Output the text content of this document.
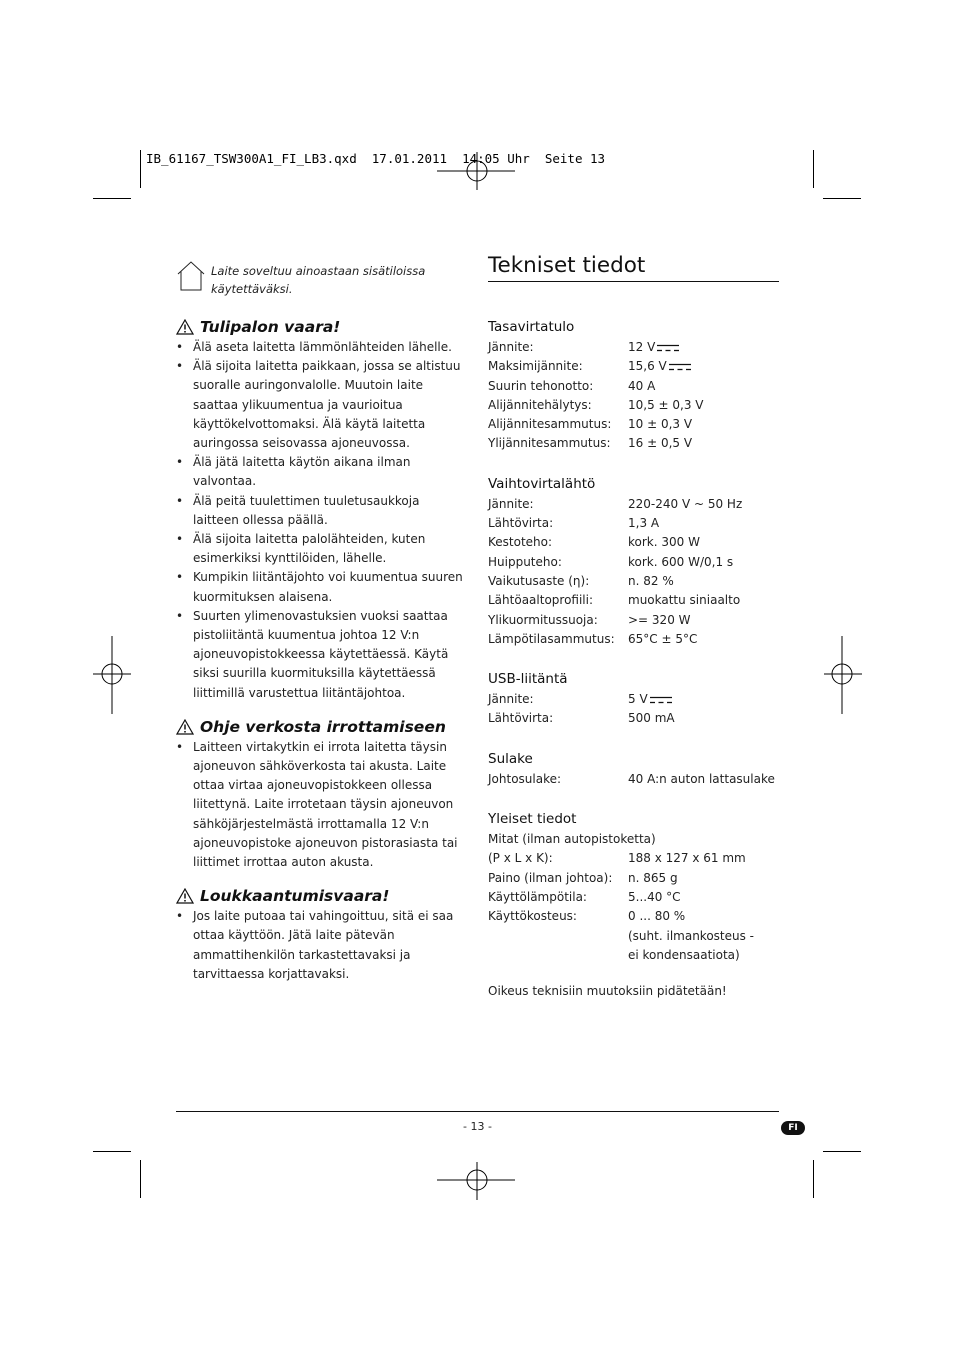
IB_61167_TSW300A1_FI_LB3.qxd  17.01.2011  14:05 Uhr  Seite 13
Laite soveltuu ainoastaan sisätiloissa käytettäväksi.
Tulipalon vaara!
• Älä aseta laitetta lämmönlähteiden lähelle.
• Älä sijoita laitetta paikkaan, jossa se altistuu suoralle auringonvalolle. Muutoin laite saattaa ylikuumentua ja vaurioitua käyttökelvottomaksi. Älä käytä laitetta auringossa seisovassa ajoneuvossa.
• Älä jätä laitetta käytön aikana ilman valvontaa.
• Älä peitä tuulettimen tuuletusaukkoja laitteen ollessa päällä.
• Älä sijoita laitetta palolähteiden, kuten esimerkiksi kynttilöiden, lähelle.
• Kumpikin liitäntäjohto voi kuumentua suuren kuormituksen alaisena.
• Suurten ylimenovastuksien vuoksi saattaa pistoliitäntä kuumentua johtoa 12 V:n ajoneuvopistokkeessa käytettäessä. Käytä siksi suurilla kuormituksilla käytettäessä liittimillä varustettua liitäntäjohtoa.
Ohje verkosta irrottamiseen
• Laitteen virtakytkin ei irrota laitetta täysin ajoneuvon sähköverkosta tai akusta. Laite ottaa virtaa ajoneuvopistokkeen ollessa liitettynä. Laite irrotetaan täysin ajoneuvon sähköjärjestelmästä irrottamalla 12 V:n ajoneuvopistoke ajoneuvon pistorasiasta tai liittimet irrottaa auton akusta.
Loukkaantumisvaara!
• Jos laite putoaa tai vahingoittuu, sitä ei saa ottaa käyttöön. Jätä laite pätevän ammattihenkilön tarkastettavaksi ja tarvittaessa korjattavaksi.
Tekniset tiedot
Tasavirtatulo
Jännite:	12 V
Maksimijännite:	15,6 V
Suurin tehonotto:	40 A
Alijännitehälytys:	10,5 ± 0,3 V
Alijännitesammutus:	10 ± 0,3 V
Ylijännitesammutus:	16 ± 0,5 V
Vaihtovirtalähtö
Jännite:	220-240 V ~ 50 Hz
Lähtövirta:	1,3 A
Kestoteho:	kork. 300 W
Huipputeho:	kork. 600 W/0,1 s
Vaikutusaste (η):	n. 82 %
Lähtöaaltoprofiili:	muokattu siniaalto
Ylikuormitussuoja:	>= 320 W
Lämpötilasammutus:	65°C ± 5°C
USB-liitäntä
Jännite:	5 V
Lähtövirta:	500 mA
Sulake
Johtosulake:	40 A:n auton lattasulake
Yleiset tiedot
Mitat (ilman autopistoketta)
(P x L x K):	188 x 127 x 61 mm
Paino (ilman johtoa):	n. 865 g
Käyttölämpötila:	5...40 °C
Käyttökosteus:	0 ... 80 %
(suht. ilmankosteus -
ei kondensaatiota)
Oikeus teknisiin muutoksiin pidätetään!
- 13 -	FI
